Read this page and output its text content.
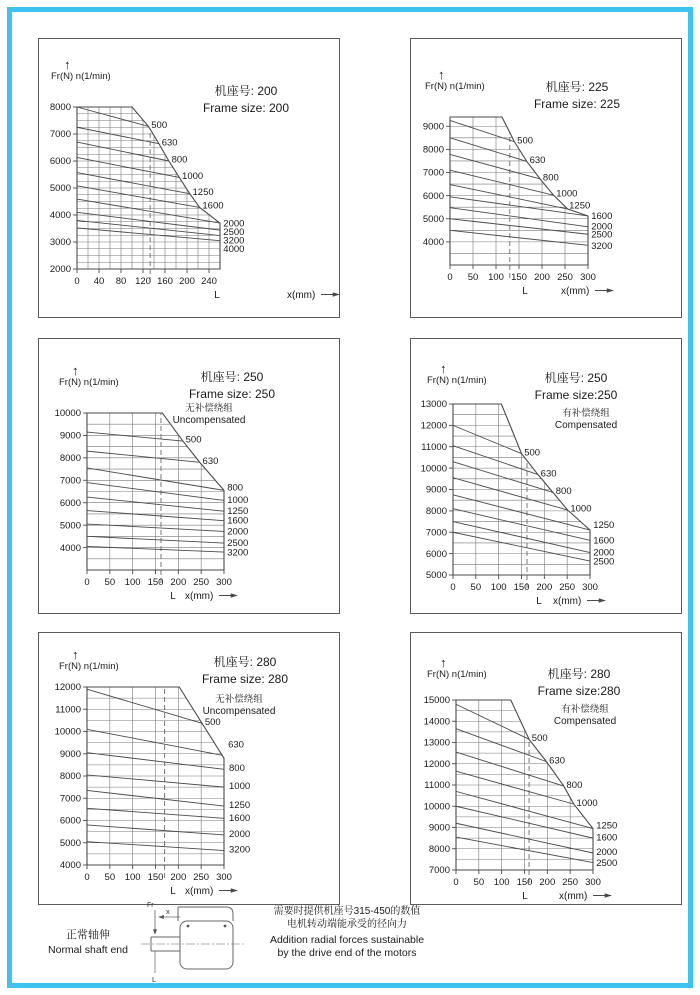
机座号: 200
Frame size: 200
↑
Fr(N) n(1/min)
500
630
800
1000
1250
1600
2000
2500
3200
4000
2000
3000
4000
5000
6000
7000
8000
0 40 80 120 160 200 240
L	x(mm)
机座号: 225
Frame size: 225
↑
Fr(N) n(1/min)
500
630
800
1000
1250
1600
2000
2500
3200
4000
5000
6000
7000
8000
9000
0 50 100 150 200 250 300
L	x(mm)
机座号: 250
Frame size: 250
无补偿绕组
Uncompensated
↑
Fr(N) n(1/min)
500
630
800
1000
1250
1600
2000
2500
3200
4000
5000
6000
7000
8000
9000
10000
0 50 100 150 200 250 300
L x(mm)
机座号: 250
Frame size:250
有补偿绕组
Compensated
↑
Fr(N) n(1/min)
500
630
800
1000
1250
1600
2000
2500
5000
6000
7000
8000
9000
10000
11000
12000
13000
0 50 100 150 200 250 300
L x(mm)
机座号: 280
Frame size: 280
无补偿绕组
Uncompensated
↑
Fr(N) n(1/min)
500
630
800
1000
1250
1600
2000
3200
4000
5000
6000
7000
8000
9000
10000
11000
12000
0 50 100 150 200 250 300
L x(mm)
机座号: 280
Frame size:280
有补偿绕组
Compensated
↑
Fr(N) n(1/min)
500
630
800
1000
1250
1600
2000
2500
7000
8000
9000
10000
11000
12000
13000
14000
15000
0 50 100 150 200 250 300
L	x(mm)
正常轴伸
Normal shaft end
Fr
x
L
需要时提供机座号315-450的数值
电机转动端能承受的径向力
Addition radial forces sustainable
by the drive end of the motors
